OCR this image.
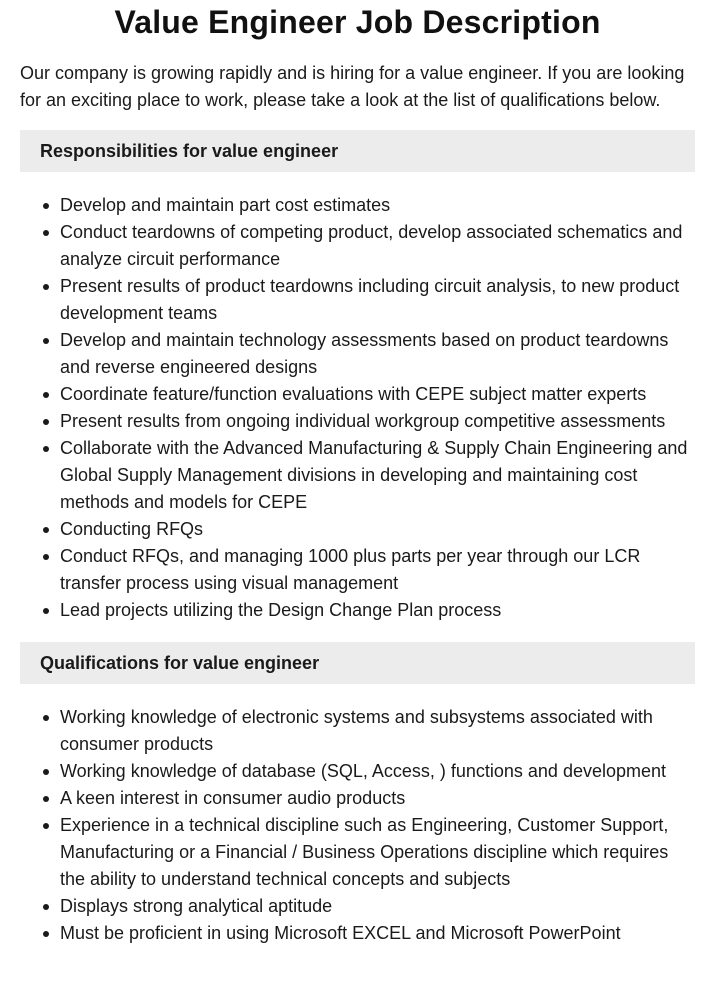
Value Engineer Job Description

Our company is growing rapidly and is hiring for a value engineer. If you are looking for an exciting place to work, please take a look at the list of qualifications below.

Responsibilities for value engineer
Develop and maintain part cost estimates
Conduct teardowns of competing product, develop associated schematics and analyze circuit performance
Present results of product teardowns including circuit analysis, to new product development teams
Develop and maintain technology assessments based on product teardowns and reverse engineered designs
Coordinate feature/function evaluations with CEPE subject matter experts
Present results from ongoing individual workgroup competitive assessments
Collaborate with the Advanced Manufacturing & Supply Chain Engineering and Global Supply Management divisions in developing and maintaining cost methods and models for CEPE
Conducting RFQs
Conduct RFQs, and managing 1000 plus parts per year through our LCR transfer process using visual management
Lead projects utilizing the Design Change Plan process
Qualifications for value engineer
Working knowledge of electronic systems and subsystems associated with consumer products
Working knowledge of database (SQL, Access, ) functions and development
A keen interest in consumer audio products
Experience in a technical discipline such as Engineering, Customer Support, Manufacturing or a Financial / Business Operations discipline which requires the ability to understand technical concepts and subjects
Displays strong analytical aptitude
Must be proficient in using Microsoft EXCEL and Microsoft PowerPoint
